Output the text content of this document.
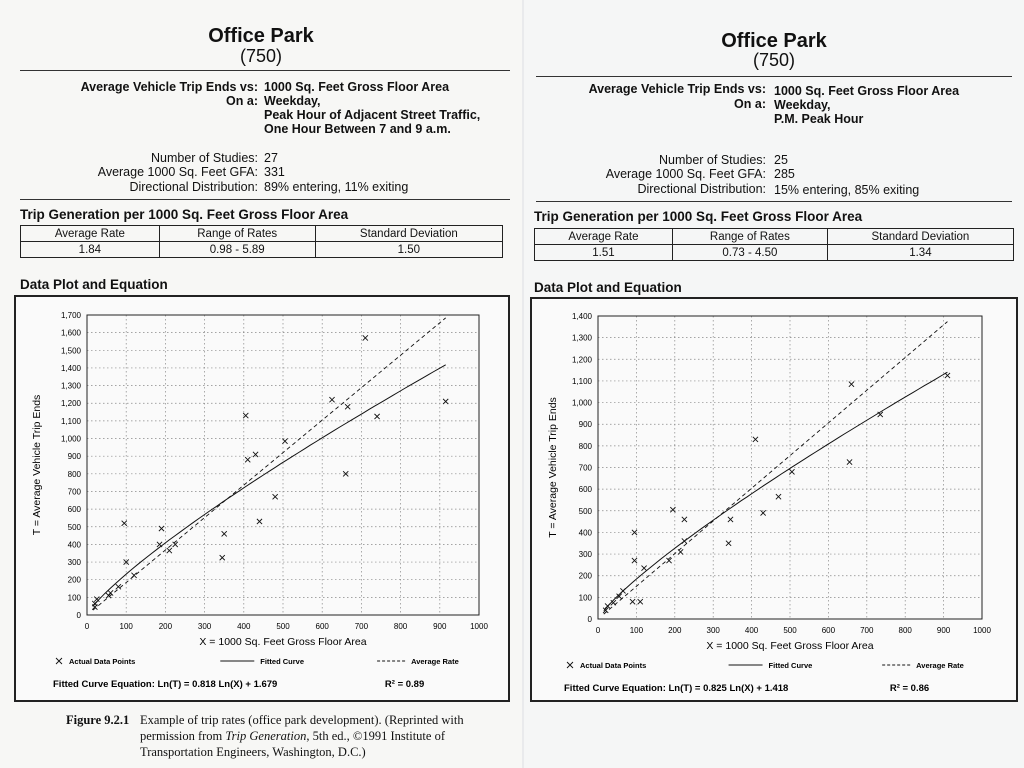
Office Park
(750)
Average Vehicle Trip Ends vs: 1000 Sq. Feet Gross Floor Area
On a: Weekday,
Peak Hour of Adjacent Street Traffic,
One Hour Between 7 and 9 a.m.
Number of Studies: 27
Average 1000 Sq. Feet GFA: 331
Directional Distribution: 89% entering, 11% exiting
Trip Generation per 1000 Sq. Feet Gross Floor Area
Average Rate	Range of Rates	Standard Deviation
1.84	0.98 - 5.89	1.50
Data Plot and Equation
0
100
200
300
400
500
600
700
800
900
1,000
1,100
1,200
1,300
1,400
1,500
1,600
1,700
0	100	200	300	400	500	600	700	800	900	1000
X = 1000 Sq. Feet Gross Floor Area
T = Average Vehicle Trip Ends
Actual Data Points	Fitted Curve	Average Rate
Fitted Curve Equation: Ln(T) = 0.818 Ln(X) + 1.679	R² = 0.89
Figure 9.2.1 Example of trip rates (office park development). (Reprinted with permission from Trip Generation, 5th ed., ©1991 Institute of Transportation Engineers, Washington, D.C.)
Office Park
(750)
Average Vehicle Trip Ends vs: 1000 Sq. Feet Gross Floor Area
On a: Weekday,
P.M. Peak Hour
Number of Studies: 25
Average 1000 Sq. Feet GFA: 285
Directional Distribution: 15% entering, 85% exiting
Trip Generation per 1000 Sq. Feet Gross Floor Area
Average Rate	Range of Rates	Standard Deviation
1.51	0.73 - 4.50	1.34
Data Plot and Equation
0
100
200
300
400
500
600
700
800
900
1,000
1,100
1,200
1,300
1,400
0	100	200	300	400	500	600	700	800	900	1000
X = 1000 Sq. Feet Gross Floor Area
T = Average Vehicle Trip Ends
Actual Data Points	Fitted Curve	Average Rate
Fitted Curve Equation: Ln(T) = 0.825 Ln(X) + 1.418	R² = 0.86
